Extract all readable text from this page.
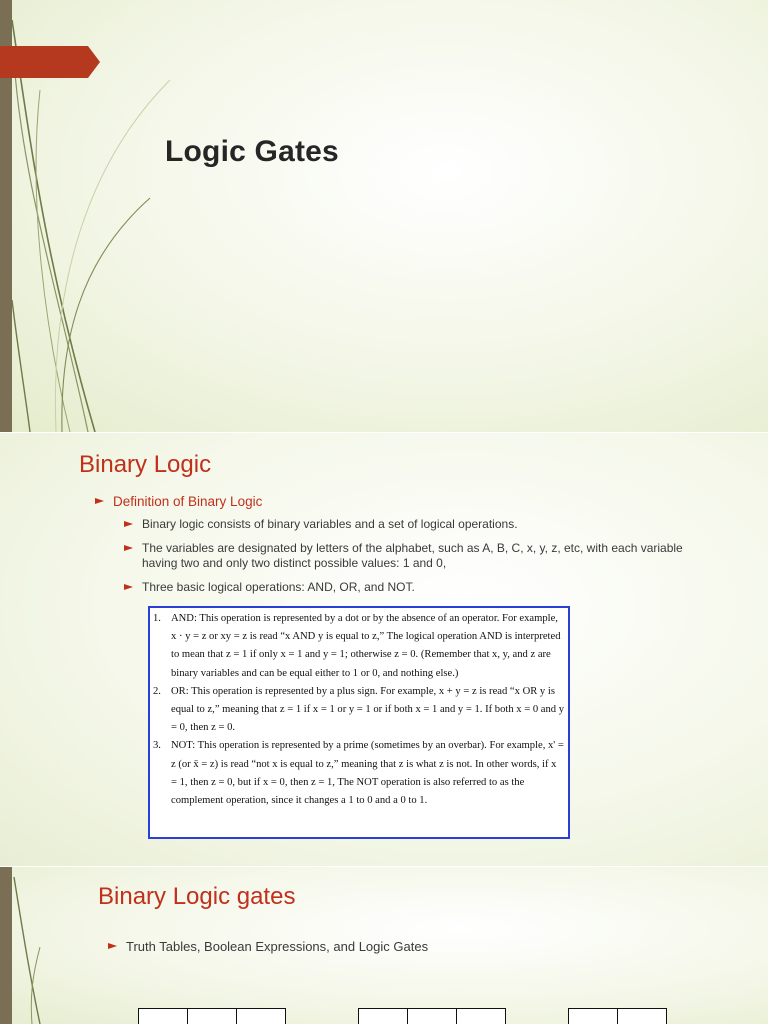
Logic Gates
Binary Logic
Definition of Binary Logic
Binary logic consists of binary variables and a set of logical operations.
The variables are designated by letters of the alphabet, such as A, B, C, x, y, z, etc, with each variable having two and only two distinct possible values: 1 and 0,
Three basic logical operations: AND, OR, and NOT.
1. AND: This operation is represented by a dot or by the absence of an operator. For example, x · y = z or xy = z is read “x AND y is equal to z,” The logical operation AND is interpreted to mean that z = 1 if only x = 1 and y = 1; otherwise z = 0. (Remember that x, y, and z are binary variables and can be equal either to 1 or 0, and nothing else.)
2. OR: This operation is represented by a plus sign. For example, x + y = z is read “x OR y is equal to z,” meaning that z = 1 if x = 1 or y = 1 or if both x = 1 and y = 1. If both x = 0 and y = 0, then z = 0.
3. NOT: This operation is represented by a prime (sometimes by an overbar). For example, x' = z (or x̄ = z) is read “not x is equal to z,” meaning that z is what z is not. In other words, if x = 1, then z = 0, but if x = 0, then z = 1, The NOT operation is also referred to as the complement operation, since it changes a 1 to 0 and a 0 to 1.
Binary Logic gates
Truth Tables, Boolean Expressions, and Logic Gates
